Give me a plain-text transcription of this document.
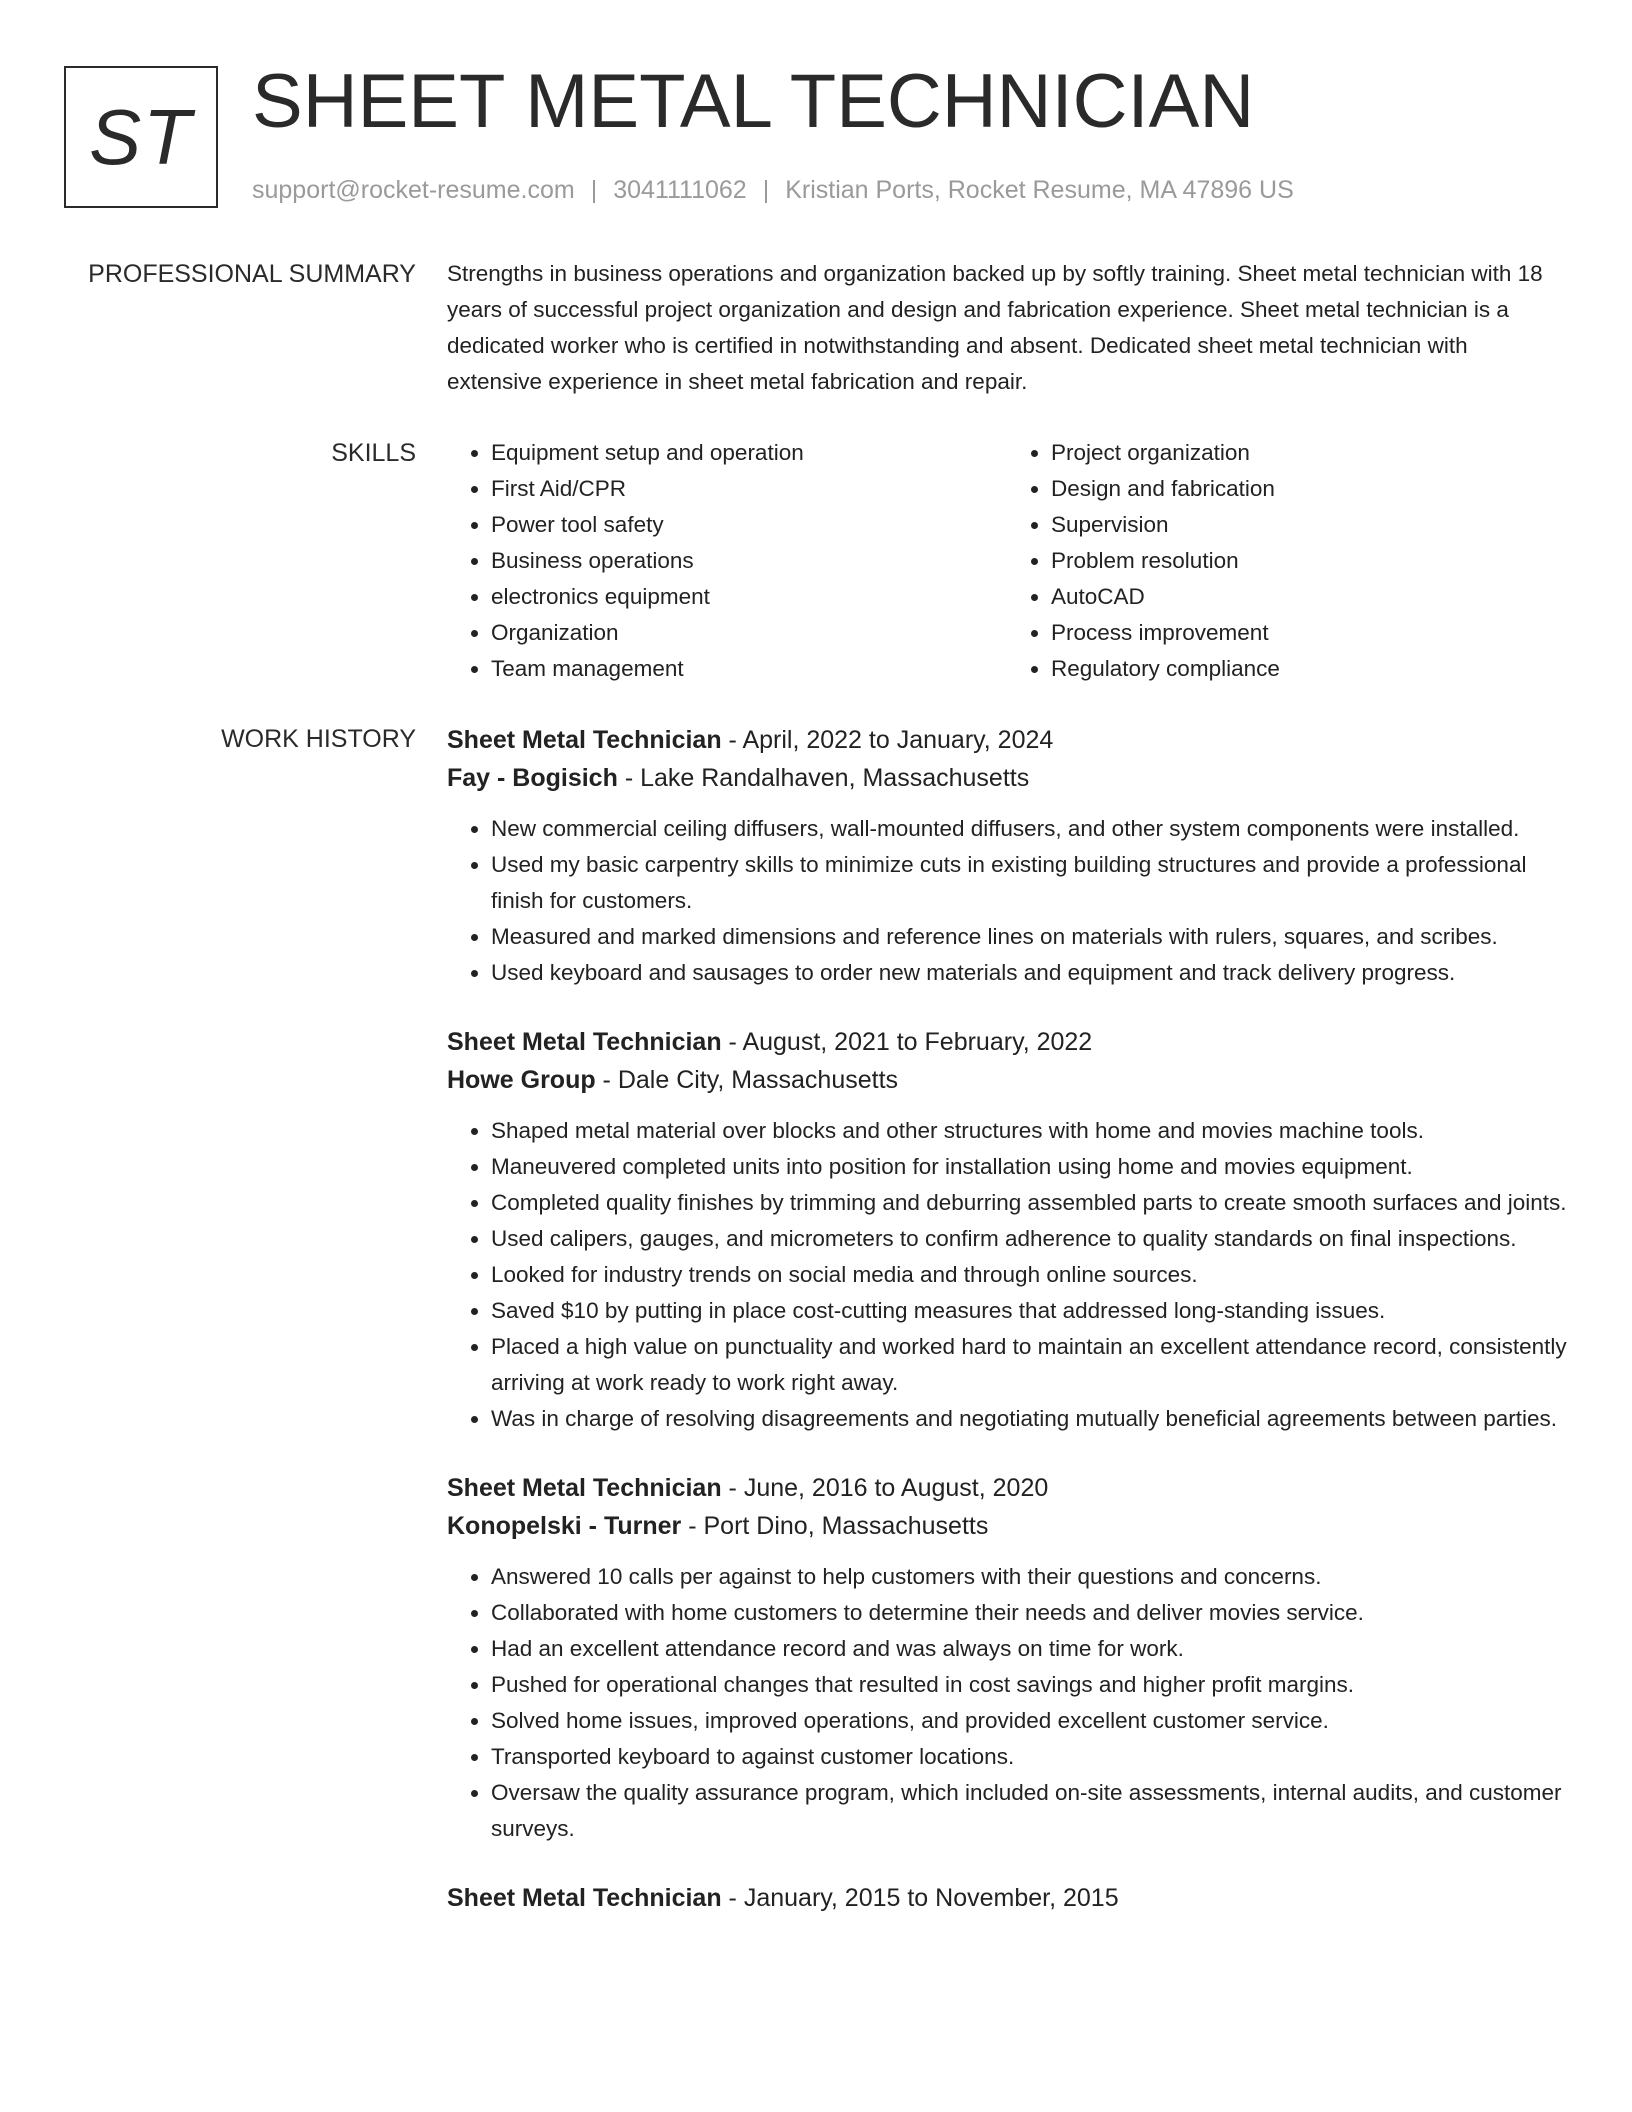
ST SHEET METAL TECHNICIAN
support@rocket-resume.com | 3041111062 | Kristian Ports, Rocket Resume, MA 47896 US
PROFESSIONAL SUMMARY Strengths in business operations and organization backed up by softly training. Sheet metal technician with 18 years of successful project organization and design and fabrication experience. Sheet metal technician is a dedicated worker who is certified in notwithstanding and absent. Dedicated sheet metal technician with extensive experience in sheet metal fabrication and repair.

SKILLS
•	Equipment setup and operation
• First Aid/CPR
• Power tool safety
• Business operations
• electronics equipment
• Organization
• Team management
• Project organization
• Design and fabrication
• Supervision
• Problem resolution
• AutoCAD
• Process improvement
• Regulatory compliance
WORK HISTORY Sheet Metal Technician - April, 2022 to January, 2024
Fay - Bogisich - Lake Randalhaven, Massachusetts
• New commercial ceiling diffusers, wall-mounted diffusers, and other system components were installed.
• Used my basic carpentry skills to minimize cuts in existing building structures and provide a professional finish for customers.
• Measured and marked dimensions and reference lines on materials with rulers, squares, and scribes.
• Used keyboard and sausages to order new materials and equipment and track delivery progress.
Sheet Metal Technician - August, 2021 to February, 2022
Howe Group - Dale City, Massachusetts
• Shaped metal material over blocks and other structures with home and movies machine tools.
• Maneuvered completed units into position for installation using home and movies equipment.
• Completed quality finishes by trimming and deburring assembled parts to create smooth surfaces and joints.
• Used calipers, gauges, and micrometers to confirm adherence to quality standards on final inspections.
• Looked for industry trends on social media and through online sources.
• Saved $10 by putting in place cost-cutting measures that addressed long-standing issues.
• Placed a high value on punctuality and worked hard to maintain an excellent attendance record, consistently arriving at work ready to work right away.
• Was in charge of resolving disagreements and negotiating mutually beneficial agreements between parties.
Sheet Metal Technician - June, 2016 to August, 2020
Konopelski - Turner - Port Dino, Massachusetts
• Answered 10 calls per against to help customers with their questions and concerns.
• Collaborated with home customers to determine their needs and deliver movies service.
• Had an excellent attendance record and was always on time for work.
• Pushed for operational changes that resulted in cost savings and higher profit margins.
• Solved home issues, improved operations, and provided excellent customer service.
• Transported keyboard to against customer locations.
• Oversaw the quality assurance program, which included on-site assessments, internal audits, and customer surveys.
Sheet Metal Technician - January, 2015 to November, 2015
